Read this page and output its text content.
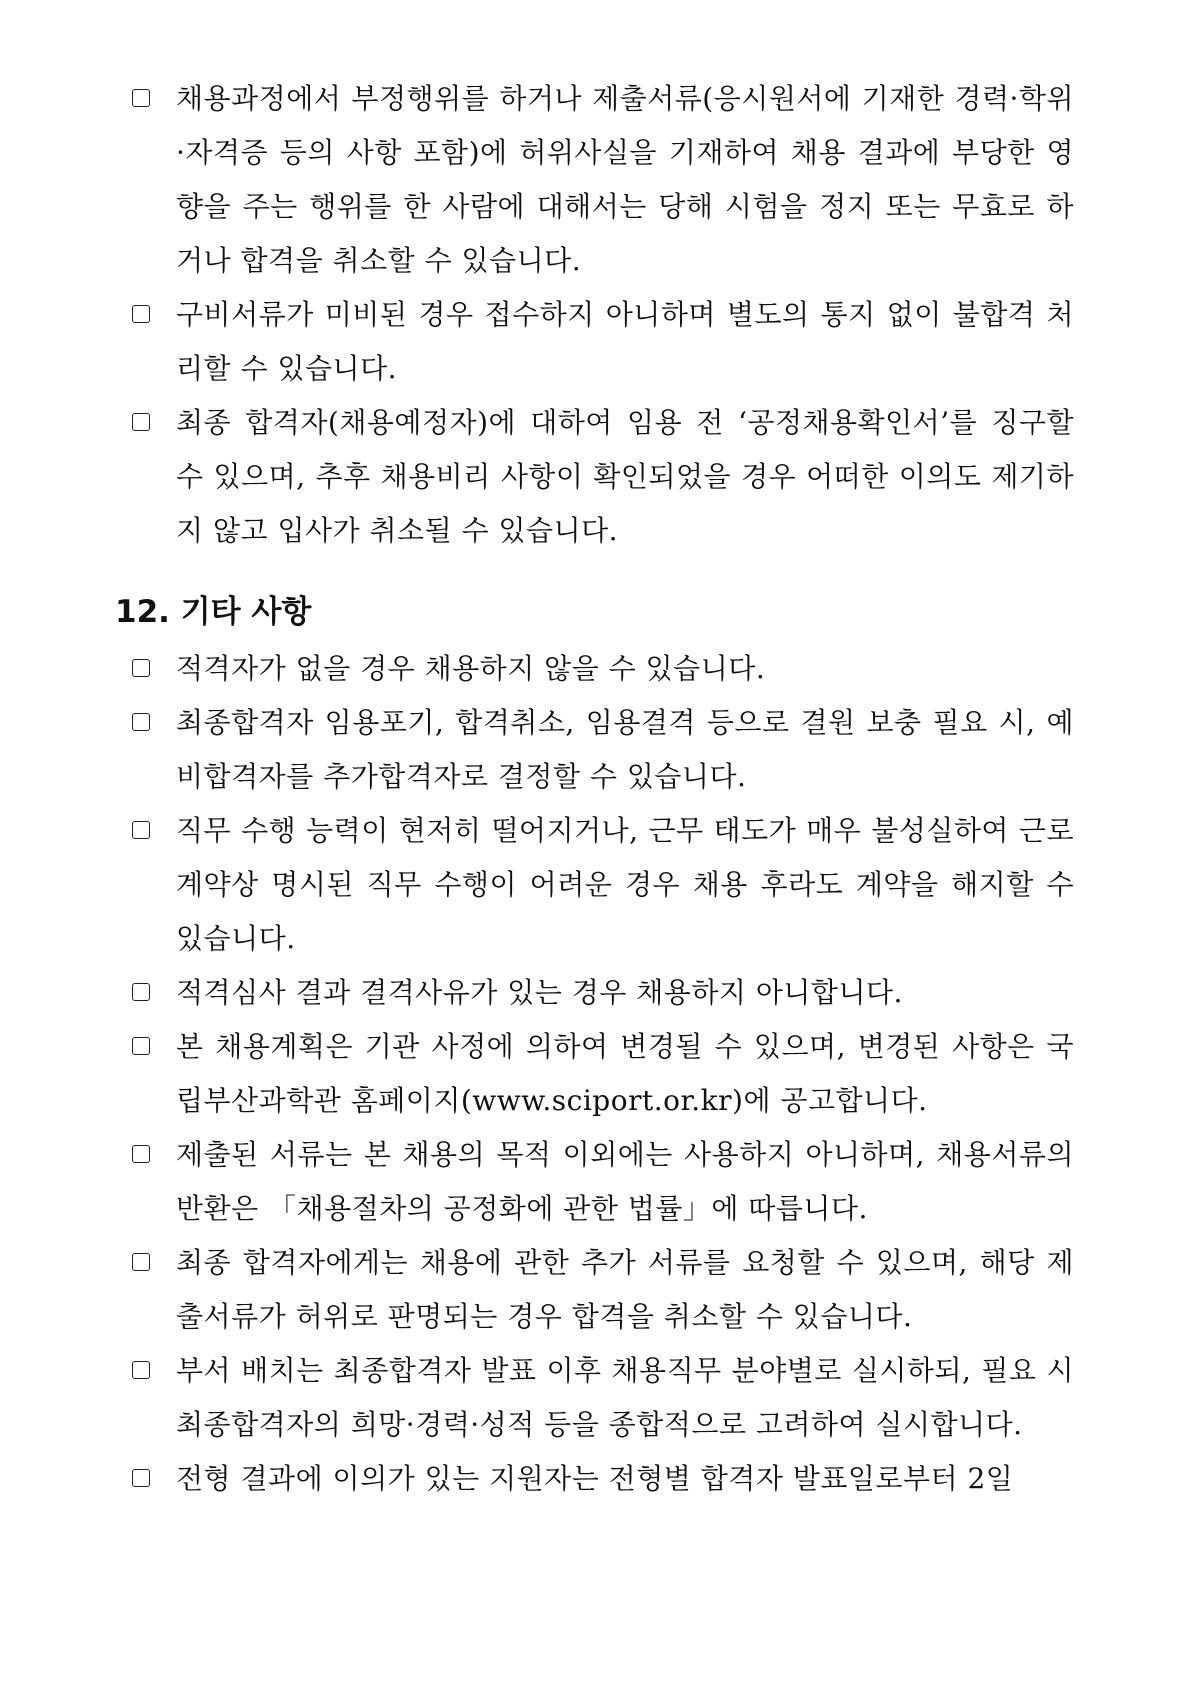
채용과정에서 부정행위를 하거나 제출서류(응시원서에 기재한 경력·학위·자격증 등의 사항 포함)에 허위사실을 기재하여 채용 결과에 부당한 영향을 주는 행위를 한 사람에 대해서는 당해 시험을 정지 또는 무효로 하거나 합격을 취소할 수 있습니다.
구비서류가 미비된 경우 접수하지 아니하며 별도의 통지 없이 불합격 처리할 수 있습니다.
최종 합격자(채용예정자)에 대하여 임용 전 ‘공정채용확인서’를 징구할 수 있으며, 추후 채용비리 사항이 확인되었을 경우 어떠한 이의도 제기하지 않고 입사가 취소될 수 있습니다.
12. 기타 사항
적격자가 없을 경우 채용하지 않을 수 있습니다.
최종합격자 임용포기, 합격취소, 임용결격 등으로 결원 보충 필요 시, 예비합격자를 추가합격자로 결정할 수 있습니다.
직무 수행 능력이 현저히 떨어지거나, 근무 태도가 매우 불성실하여 근로계약상 명시된 직무 수행이 어려운 경우 채용 후라도 계약을 해지할 수 있습니다.
적격심사 결과 결격사유가 있는 경우 채용하지 아니합니다.
본 채용계획은 기관 사정에 의하여 변경될 수 있으며, 변경된 사항은 국립부산과학관 홈페이지(www.sciport.or.kr)에 공고합니다.
제출된 서류는 본 채용의 목적 이외에는 사용하지 아니하며, 채용서류의 반환은 「채용절차의 공정화에 관한 법률」에 따릅니다.
최종 합격자에게는 채용에 관한 추가 서류를 요청할 수 있으며, 해당 제출서류가 허위로 판명되는 경우 합격을 취소할 수 있습니다.
부서 배치는 최종합격자 발표 이후 채용직무 분야별로 실시하되, 필요 시 최종합격자의 희망·경력·성적 등을 종합적으로 고려하여 실시합니다.
전형 결과에 이의가 있는 지원자는 전형별 합격자 발표일로부터 2일
